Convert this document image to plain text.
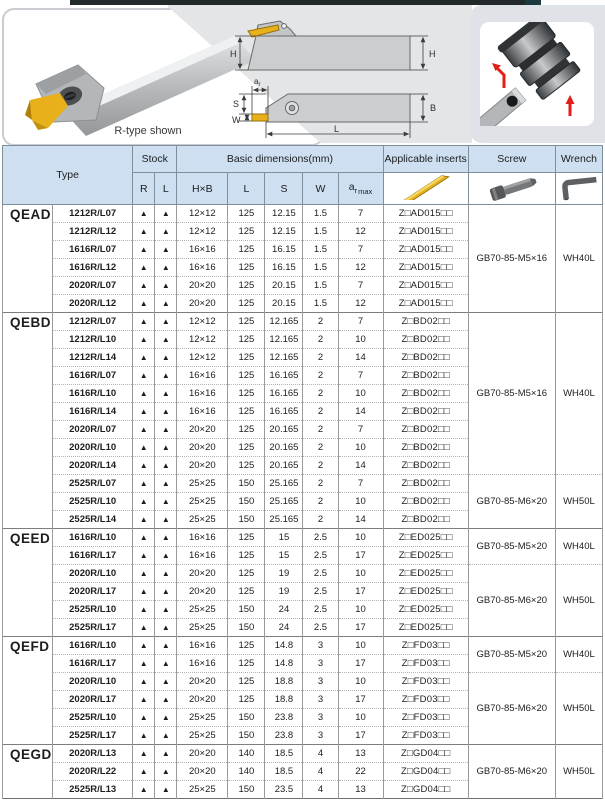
R-type shown
H	H
S
W
$a_r$
B
L
Type		Stock		Basic dimensions(mm)					Applicable inserts	Screw	Wrench
		R	L	H×B	L	S	W	$a_{rmax}$			
QEAD	1212R/L07	▲	▲	12×12	125	12.15	1.5	7	Z□AD015□□	GB70-85-M5×16	WH40L
	1212R/L12	▲	▲	12×12	125	12.15	1.5	12	Z□AD015□□		
	1616R/L07	▲	▲	16×16	125	16.15	1.5	7	Z□AD015□□		
	1616R/L12	▲	▲	16×16	125	16.15	1.5	12	Z□AD015□□		
	2020R/L07	▲	▲	20×20	125	20.15	1.5	7	Z□AD015□□		
	2020R/L12	▲	▲	20×20	125	20.15	1.5	12	Z□AD015□□		
QEBD	1212R/L07	▲	▲	12×12	125	12.165	2	7	Z□BD02□□	GB70-85-M5×16	WH40L
	1212R/L10	▲	▲	12×12	125	12.165	2	10	Z□BD02□□		
	1212R/L14	▲	▲	12×12	125	12.165	2	14	Z□BD02□□		
	1616R/L07	▲	▲	16×16	125	16.165	2	7	Z□BD02□□		
	1616R/L10	▲	▲	16×16	125	16.165	2	10	Z□BD02□□		
	1616R/L14	▲	▲	16×16	125	16.165	2	14	Z□BD02□□		
	2020R/L07	▲	▲	20×20	125	20.165	2	7	Z□BD02□□		
	2020R/L10	▲	▲	20×20	125	20.165	2	10	Z□BD02□□		
	2020R/L14	▲	▲	20×20	125	20.165	2	14	Z□BD02□□		
	2525R/L07	▲	▲	25×25	150	25.165	2	7	Z□BD02□□	GB70-85-M6×20	WH50L
	2525R/L10	▲	▲	25×25	150	25.165	2	10	Z□BD02□□		
	2525R/L14	▲	▲	25×25	150	25.165	2	14	Z□BD02□□		
QEED	1616R/L10	▲	▲	16×16	125	15	2.5	10	Z□ED025□□	GB70-85-M5×20	WH40L
	1616R/L17	▲	▲	16×16	125	15	2.5	17	Z□ED025□□		
	2020R/L10	▲	▲	20×20	125	19	2.5	10	Z□ED025□□	GB70-85-M6×20	WH50L
	2020R/L17	▲	▲	20×20	125	19	2.5	17	Z□ED025□□		
	2525R/L10	▲	▲	25×25	150	24	2.5	10	Z□ED025□□		
	2525R/L17	▲	▲	25×25	150	24	2.5	17	Z□ED025□□		
QEFD	1616R/L10	▲	▲	16×16	125	14.8	3	10	Z□FD03□□	GB70-85-M5×20	WH40L
	1616R/L17	▲	▲	16×16	125	14.8	3	17	Z□FD03□□		
	2020R/L10	▲	▲	20×20	125	18.8	3	10	Z□FD03□□	GB70-85-M6×20	WH50L
	2020R/L17	▲	▲	20×20	125	18.8	3	17	Z□FD03□□		
	2525R/L10	▲	▲	25×25	150	23.8	3	10	Z□FD03□□		
	2525R/L17	▲	▲	25×25	150	23.8	3	17	Z□FD03□□		
QEGD	2020R/L13	▲	▲	20×20	140	18.5	4	13	Z□GD04□□	GB70-85-M6×20	WH50L
	2020R/L22	▲	▲	20×20	140	18.5	4	22	Z□GD04□□		
	2525R/L13	▲	▲	25×25	150	23.5	4	13	Z□GD04□□		
